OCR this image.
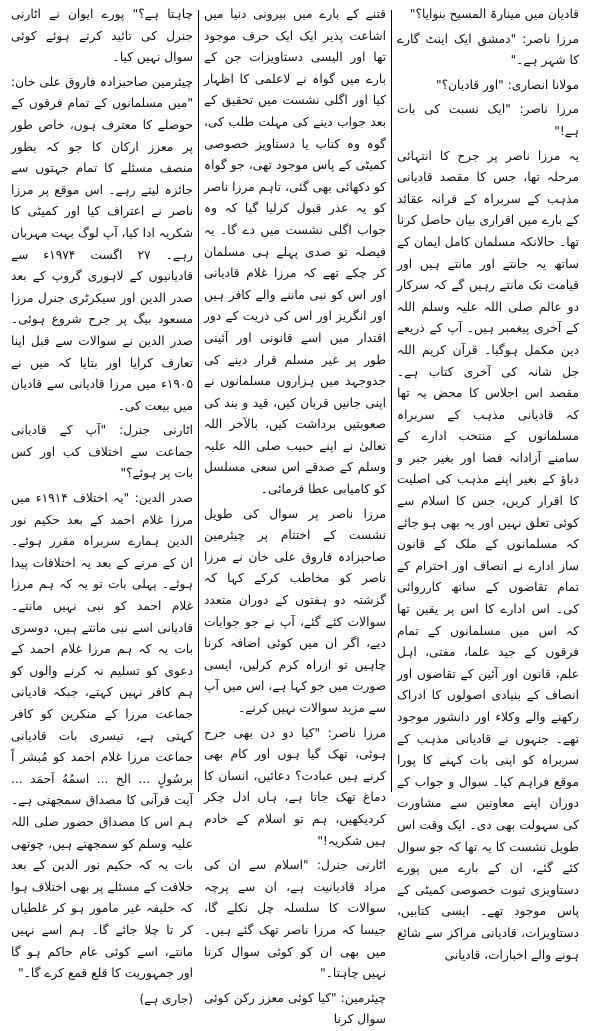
قادیان میں مینارۃ المسیح بنوایا؟"

مرزا ناصر: "دمشق ایک اینٹ گارے کا شہر ہے۔"

مولانا انصاری: "اور قادیان؟"

مرزا ناصر: "ایک نسبت کی بات ہے!"

یہ مرزا ناصر پر جرح کا انتہائی مرحلہ تھا، جس کا مقصد قادیانی مذہب کے سربراہ کے فرانہ عقائد کے بارے میں اقراری بیان حاصل کرنا تھا۔ حالانکہ مسلمان کامل ایمان کے ساتھ یہ جانتے اور مانتے ہیں اور قیامت تک مانتے رہیں گے کہ سرکار دو عالم صلی اللہ علیہ وسلم اللہ کے آخری پیغمبر ہیں۔ آپ کے ذریعے دین مکمل ہوگیا۔ قرآن کریم اللہ جل شانہ کی آخری کتاب ہے۔ مقصد اس اجلاس کا محض یہ تھا کہ قادیانی مذہب کے سربراہ مسلمانوں کے منتخب ادارے کے سامنے آزادانہ فضا اور بغیر جبر و دباؤ کے بغیر اپنے مذہب کی اصلیت کا اقرار کریں، جس کا اسلام سے کوئی تعلق نہیں اور یہ بھی ہو جائے کہ مسلمانوں کے ملک کے قانون ساز ادارے نے انصاف اور احترام کے تمام تقاضوں کے ساتھ کارروائی کی۔ اس ادارے کا اس پر یقین تھا کہ اس میں مسلمانوں کے تمام فرقوں کے جید علما، مفتی، اہل علم، قانون اور آئین کے تقاضوں اور انصاف کے بنیادی اصولوں کا ادراک رکھنے والے وکلاء اور دانشور موجود تھے۔ جنہوں نے قادیانی مذہب کے سربراہ کو اپنی بات کہنے کا پورا موقع فراہم کیا۔ سوال و جواب کے دوران اپنے معاونین سے مشاورت کی سہولت بھی دی۔ ایک وقت اس طویل نشست کا یہ تھا کہ جو سوال کئے گئے، ان کے بارے میں پورے دستاویزی ثبوت خصوصی کمیٹی کے پاس موجود تھے۔ ایسی کتابیں، دستاویزات، قادیانی مراکز سے شائع ہونے والے اخبارات، قادیانی

قتنے کے بارے میں بیرونی دنیا میں اشاعت پذیر ایک ایک حرف موجود تھا اور الیسی دستاویزات جن کے بارے میں گواہ نے لاعلمی کا اظہار کیا اور اگلی نشست میں تحقیق کے بعد جواب دینے کی مہلت طلب کی، گوہ وہ کتاب یا دستاویز خصوصی کمیٹی کے پاس موجود تھی، جو گواہ کو دکھائی بھی گئی، تاہم مرزا ناصر کو یہ عذر قبول کرلیا گیا کہ وہ جواب اگلی نشست میں دے گا۔ یہ فیصلہ تو صدی پہلے ہی مسلمان کر چکے تھے کہ مرزا غلام قادیانی اور اس کو نبی ماننے والے کافر ہیں اور انگریز اور اس کی ذریت کے دور اقتدار میں اسے قانونی اور آئینی طور پر غیر مسلم قرار دینے کی جدوجہد میں ہزاروں مسلمانوں نے اپنی جانیں قربان کیں، قید و بند کی صعوبتیں برداشت کیں، بالآخر اللہ تعالیٰ نے اپنے حبیب صلی اللہ علیہ وسلم کے صدقے اس سعی مسلسل کو کامیابی عطا فرمائی۔

مرزا ناصر پر سوال کی طویل نشست کے اختتام پر چیئرمین صاحبزادہ فاروق علی خان نے مرزا ناصر کو مخاطب کرکے کہا کہ گزشتہ دو ہفتوں کے دوران متعدد سوالات کئے گئے، آپ نے جو جوابات دیے، اگر ان میں کوئی اضافہ کرنا چاہیں تو ازراہ کرم کرلیں، ایسی صورت میں جو کہا ہے، اس میں آپ سے مزید سوالات نہیں کرنے۔

مرزا ناصر: "کیا دو دن بھی جرح ہوئی، تھک گیا ہوں اور کام بھی کرنے ہیں عبادت؟ دعائیں، انسان کا دماغ تھک جاتا ہے، ہاں ادل چکر کردیکھیں، ہم تو اسلام کے خادم ہیں شکریہ!"

اٹارنی جنرل: "اسلام سے ان کی مراد قادیانیت ہے، ان سے پرچہ سوالات کا سلسلہ چل نکلے گا، جیسا کہ مرزا ناصر تھک گئے ہیں۔ میں بھی ان کو کوئی سوال کرنا نہیں چاہتا۔"

چیئرمین: "کیا کوئی معزز رکن کوئی سوال کرنا

چاہتا ہے؟" پورے ایوان نے اٹارنی جنرل کی تائید کرتے ہوئے کوئی سوال نہیں کیا۔

چیئرمین صاحبزادہ فاروق علی خان: "میں مسلمانوں کے تمام فرقوں کے حوصلے کا معترف ہوں، خاص طور پر معزز ارکان کا جو کہ بطور منصف مسئلے کا تمام جہتوں سے جائزہ لیتے رہے۔ اس موقع پر مرزا ناصر نے اعتراف کیا اور کمیٹی کا شکریہ ادا کیا، آپ لوگ بہت مہربان رہے۔ ۲۷ اگست ۱۹۷۴ء سے قادیانیوں کے لاہوری گروپ کے بعد صدر الدین اور سیکرٹری جنرل مرزا مسعود بیگ پر جرح شروع ہوئی۔ صدر الدین نے سوالات سے قبل اپنا تعارف کرایا اور بتایا کہ میں نے ۱۹۰۵ء میں مرزا قادیانی سے قادیان میں بیعت کی۔

اٹارنی جنرل: "آپ کے قادیانی جماعت سے اختلاف کب اور کس بات پر ہوئے؟"

صدر الدین: "یہ اختلاف ۱۹۱۴ء میں مرزا غلام احمد کے بعد حکیم نور الدین ہمارے سربراہ مقرر ہوئے۔ ان کے مرنے کے بعد یہ اختلافات پیدا ہوئے۔ پہلی بات تو یہ کہ ہم مرزا غلام احمد کو نبی نہیں مانتے۔ قادیانی اسے نبی مانتے ہیں، دوسری بات یہ کہ ہم مرزا غلام احمد کے دعوی کو تسلیم نہ کرنے والوں کو ہم کافر نہیں کہتے، جبکہ قادیانی جماعت مرزا کے منکرین کو کافر کہتی ہے، تیسری بات قادیانی جماعت مرزا غلام احمد کو مُبشر اً برسُولٍ ... الخ ... اسمُهُ اَحمَد ... آیت قرآنی کا مصداق سمجھتی ہے۔ ہم اس کا مصداق حضور صلی اللہ علیہ وسلم کو سمجھتے ہیں، چوتھی بات یہ کہ حکیم نور الدین کے بعد خلافت کے مسئلے پر بھی اختلاف ہوا کہ خلیفہ غیر مامور ہو کر غلطیاں کر تا چلا جائے گا۔ ہم اسے نہیں مانتے، اسے کوئی عام حاکم ہو گا اور جمہوریت کا قلع قمع کرے گا۔"

(جاری ہے)
